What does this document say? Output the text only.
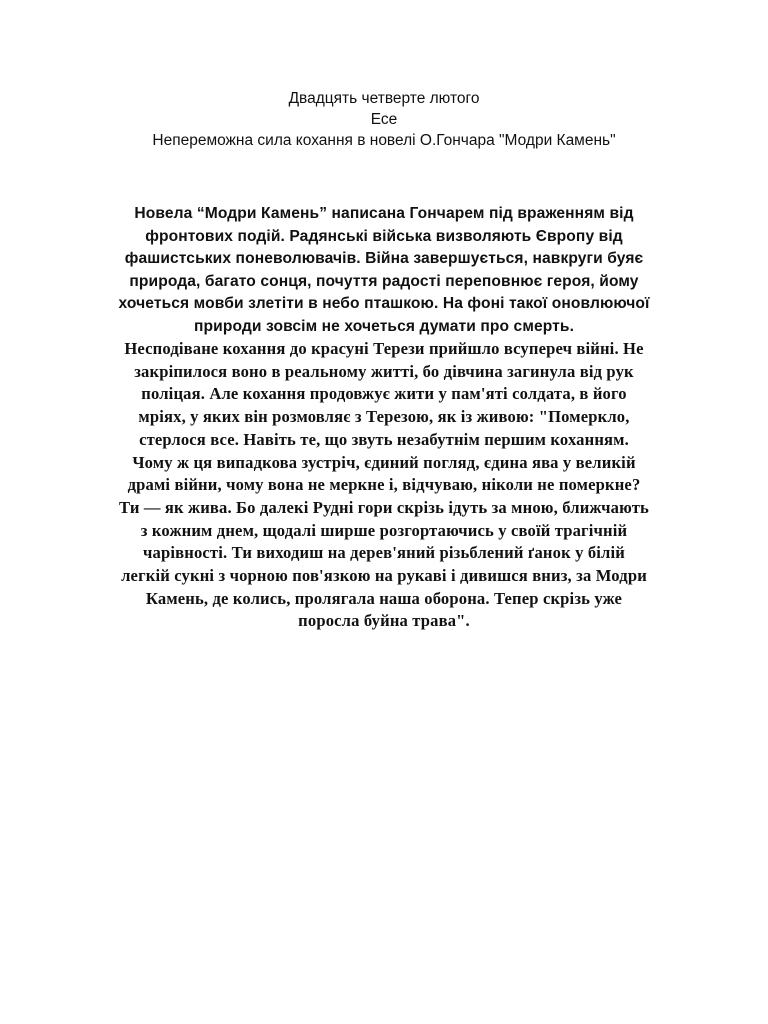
Двадцять четверте лютого
Есе
Непереможна сила кохання в новелі О.Гончара "Модри Камень"
Новела “Модри Камень” написана Гончарем під враженням від
фронтових подій. Радянські війська визволяють Європу від
фашистських поневолювачів. Війна завершується, навкруги буяє
природа, багато сонця, почуття радості переповнює героя, йому
хочеться мовби злетіти в небо пташкою. На фоні такої оновлюючої
природи зовсім не хочеться думати про смерть.
Несподіване кохання до красуні Терези прийшло всупереч війні. Не
закріпилося воно в реальному житті, бо дівчина загинула від рук
поліцая. Але кохання продовжує жити у пам'яті солдата, в його
мріях, у яких він розмовляє з Терезою, як із живою: "Померкло,
стерлося все. Навіть те, що звуть незабутнім першим коханням.
Чому ж ця випадкова зустріч, єдиний погляд, єдина ява у великій
драмі війни, чому вона не меркне і, відчуваю, ніколи не померкне?
Ти — як жива. Бо далекі Рудні гори скрізь ідуть за мною, ближчають
з кожним днем, щодалі ширше розгортаючись у своїй трагічній
чарівності. Ти виходиш на дерев'яний різьблений ґанок у білій
легкій сукні з чорною пов'язкою на рукаві і дивишся вниз, за Модри
Камень, де колись, пролягала наша оборона. Тепер скрізь уже
поросла буйна трава".
